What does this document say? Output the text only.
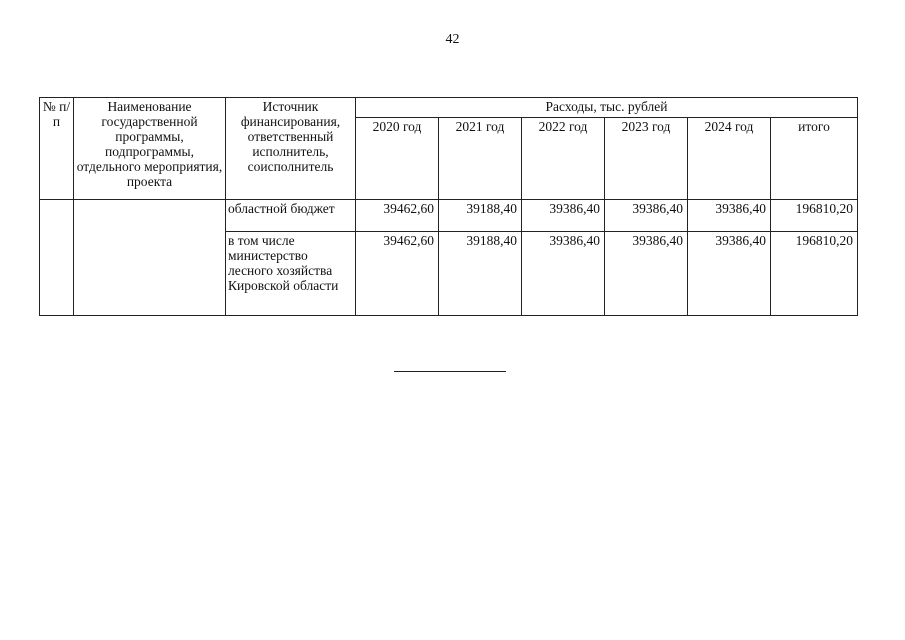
42
№ п/п	Наименование государственной программы, подпрограммы, отдельного мероприятия, проекта	Источник финансирования, ответственный исполнитель, соисполнитель	Расходы, тыс. рублей					
			2020 год	2021 год	2022 год	2023 год	2024 год	итого
		областной бюджет	39462,60	39188,40	39386,40	39386,40	39386,40	196810,20
		в том числе министерство лесного хозяйства Кировской области	39462,60	39188,40	39386,40	39386,40	39386,40	196810,20
